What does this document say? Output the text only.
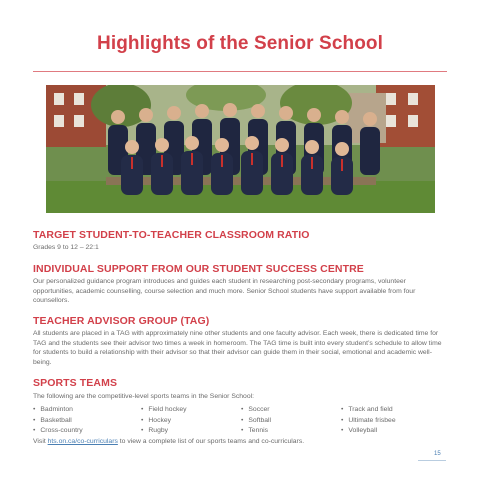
Highlights of the Senior School
TARGET STUDENT-TO-TEACHER CLASSROOM RATIO
Grades 9 to 12 – 22:1
INDIVIDUAL SUPPORT FROM OUR STUDENT SUCCESS CENTRE
Our personalized guidance program introduces and guides each student in researching post-secondary programs, volunteer opportunities, academic counselling, course selection and much more. Senior School students have support available from four counsellors.
TEACHER ADVISOR GROUP (TAG)
All students are placed in a TAG with approximately nine other students and one faculty advisor. Each week, there is dedicated time for TAG and the students see their advisor two times a week in homeroom. The TAG time is built into every student’s schedule to allow time for students to build a relationship with their advisor so that their advisor can guide them in their social, emotional and academic well-being.
SPORTS TEAMS
The following are the competitive-level sports teams in the Senior School:
• Badminton
• Basketball
• Cross-country
• Field hockey
• Hockey
• Rugby
• Soccer
• Softball
• Tennis
• Track and field
• Ultimate frisbee
• Volleyball
Visit hts.on.ca/co-curriculars to view a complete list of our sports teams and co-curriculars.
15
